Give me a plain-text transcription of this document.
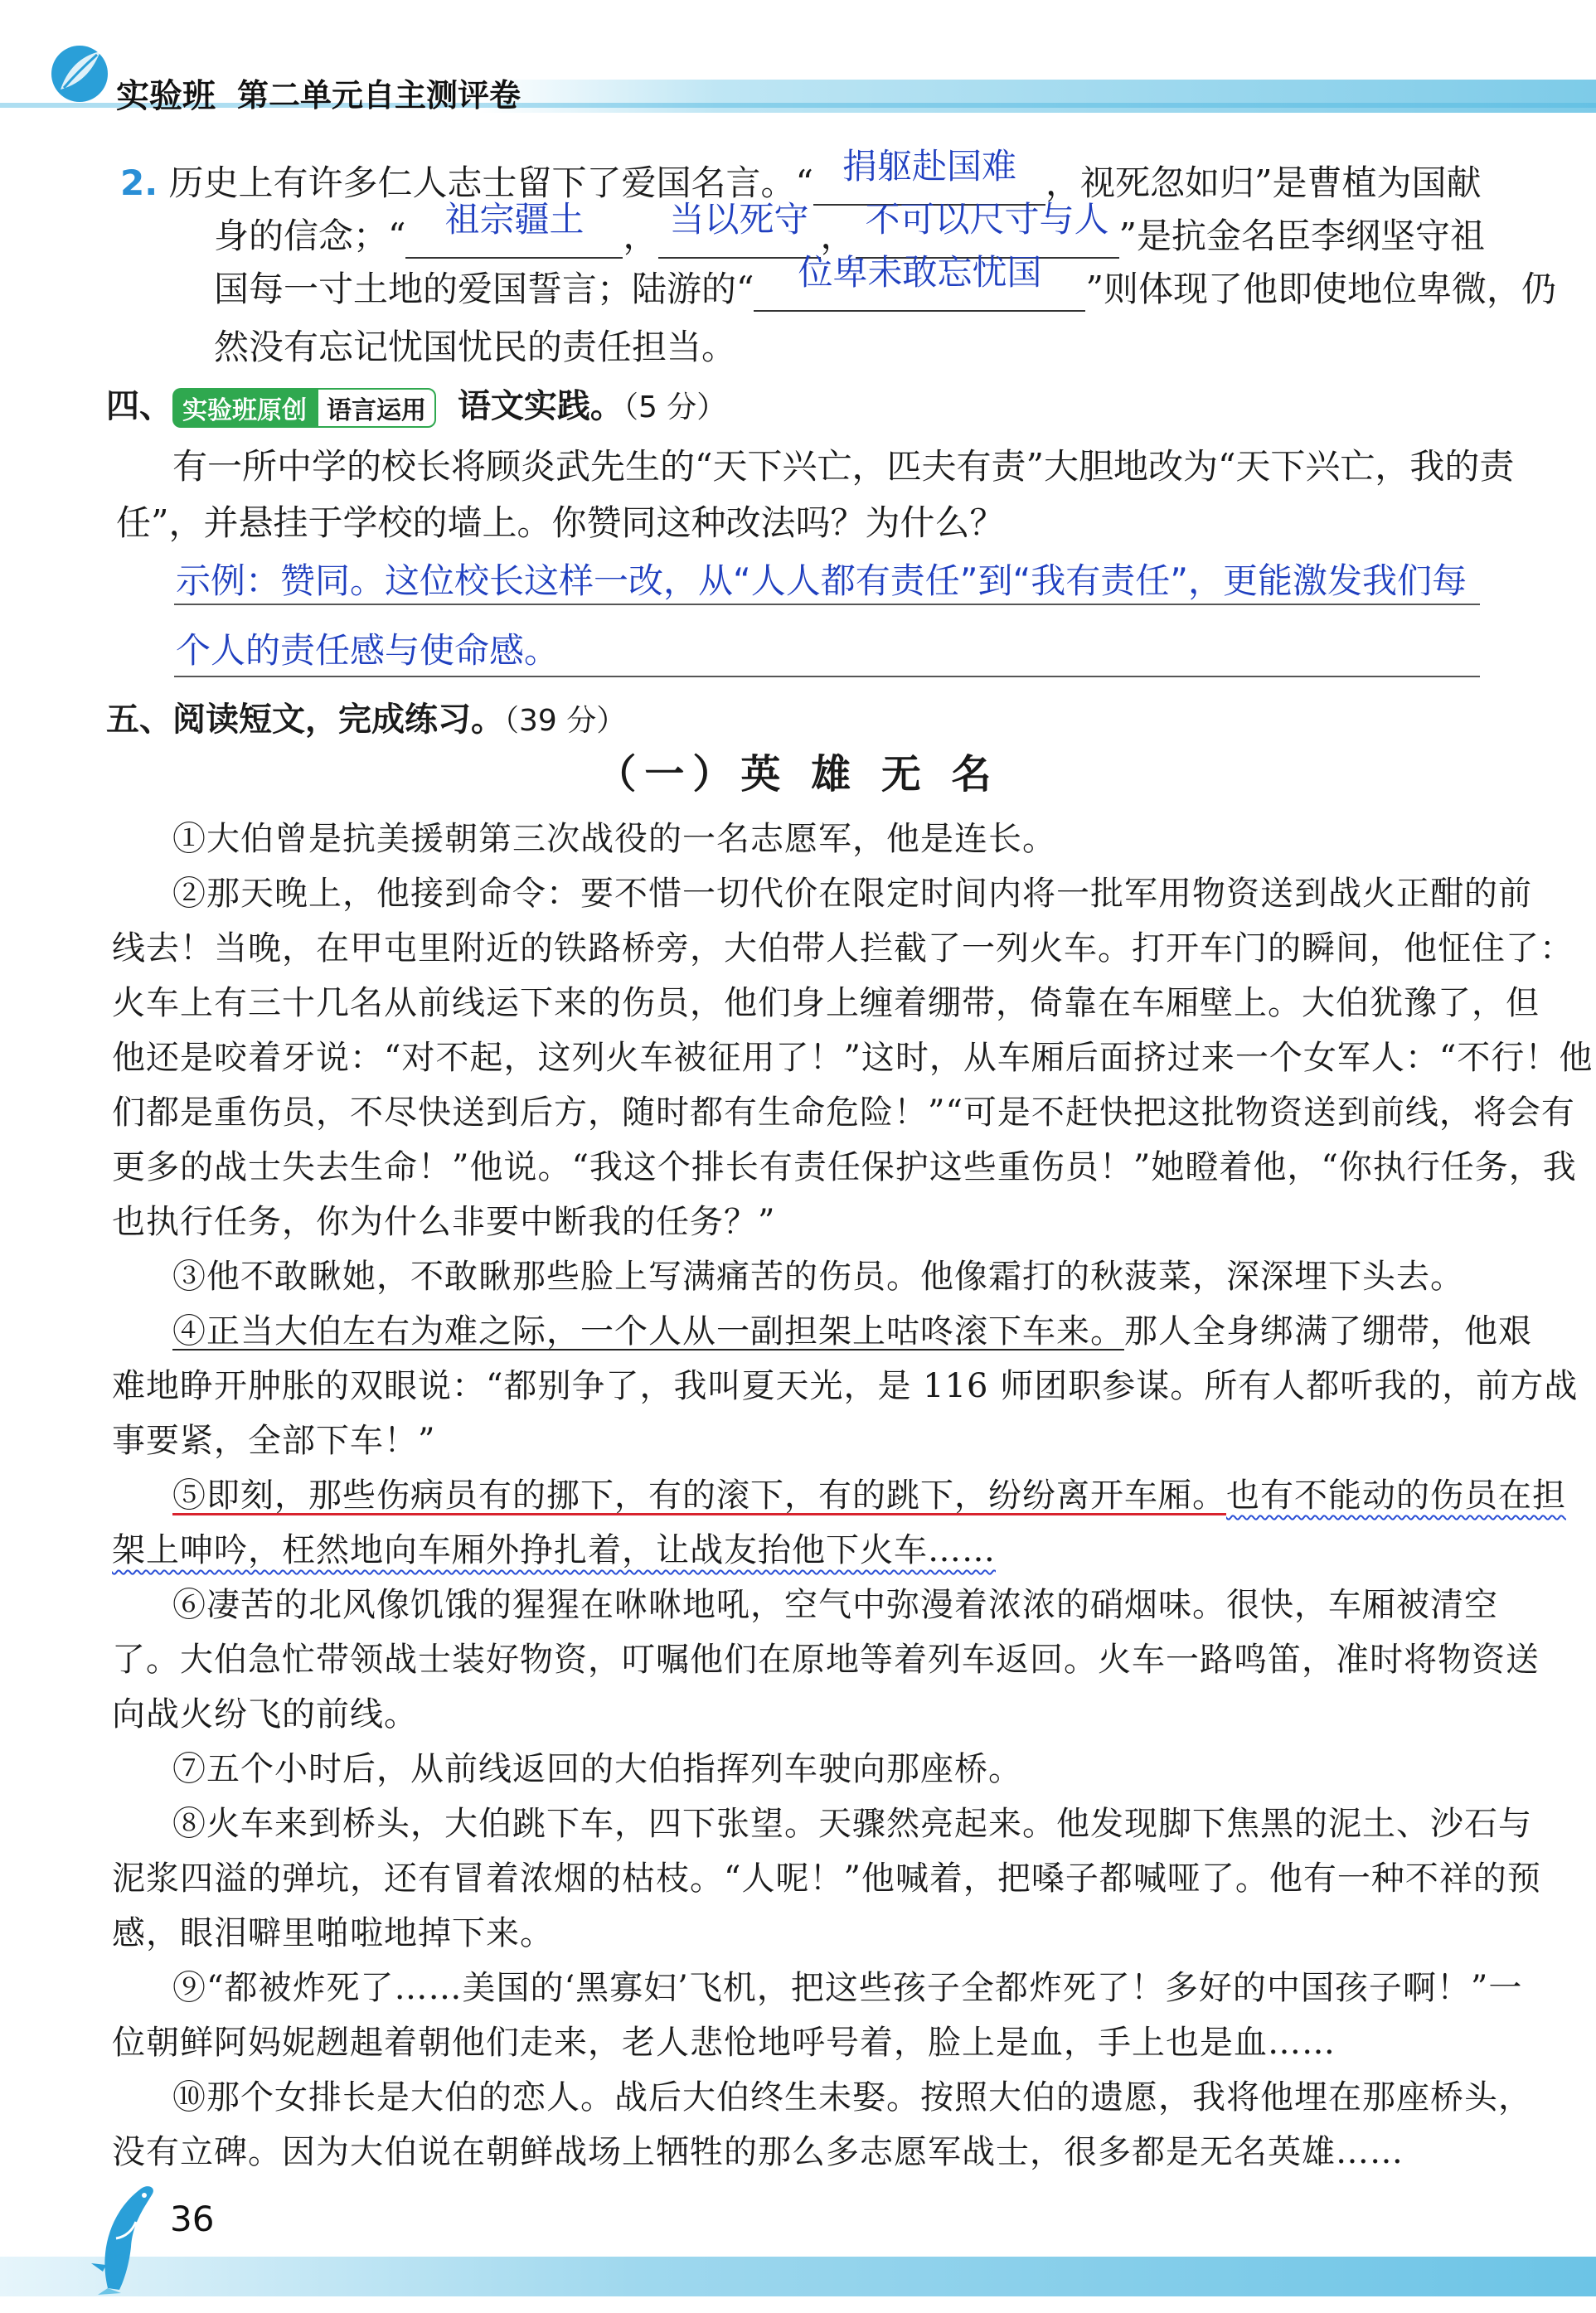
实验班 第二单元自主测评卷
2. 历史上有许多仁人志士留下了爱国名言。“ 捐躯赴国难 ，视死忽如归”是曹植为国献
身的信念；“	祖宗疆土	， 当以死守 ， 不可以尺寸与人 ”是抗金名臣李纲坚守祖
国每一寸土地的爱国誓言；陆游的“	位卑未敢忘忧国	”则体现了他即使地位卑微，仍
然没有忘记忧国忧民的责任担当。
四、 实验班原创 语言运用 语文实践。（5 分）
有一所中学的校长将顾炎武先生的“天下兴亡，匹夫有责”大胆地改为“天下兴亡，我的责
任”，并悬挂于学校的墙上。你赞同这种改法吗？为什么？
示例：赞同。这位校长这样一改，从“人人都有责任”到“我有责任”，更能激发我们每
个人的责任感与使命感。
五、阅读短文，完成练习。（39 分）
（一）英 雄 无 名
①大伯曾是抗美援朝第三次战役的一名志愿军，他是连长。
②那天晚上，他接到命令：要不惜一切代价在限定时间内将一批军用物资送到战火正酣的前
线去！当晚，在甲屯里附近的铁路桥旁，大伯带人拦截了一列火车。打开车门的瞬间，他怔住了：
火车上有三十几名从前线运下来的伤员，他们身上缠着绷带，倚靠在车厢壁上。大伯犹豫了，但
他还是咬着牙说：“对不起，这列火车被征用了！”这时，从车厢后面挤过来一个女军人：“不行！他
们都是重伤员，不尽快送到后方，随时都有生命危险！”“可是不赶快把这批物资送到前线，将会有
更多的战士失去生命！”他说。“我这个排长有责任保护这些重伤员！”她瞪着他，“你执行任务，我
也执行任务，你为什么非要中断我的任务？”
③他不敢瞅她，不敢瞅那些脸上写满痛苦的伤员。他像霜打的秋菠菜，深深埋下头去。
④正当大伯左右为难之际，一个人从一副担架上咕咚滚下车来。那人全身绑满了绷带，他艰
难地睁开肿胀的双眼说：“都别争了，我叫夏天光，是 116 师团职参谋。所有人都听我的，前方战
事要紧，全部下车！”
⑤即刻，那些伤病员有的挪下，有的滚下，有的跳下，纷纷离开车厢。也有不能动的伤员在担
架上呻吟，枉然地向车厢外挣扎着，让战友抬他下火车……
⑥凄苦的北风像饥饿的猩猩在咻咻地吼，空气中弥漫着浓浓的硝烟味。很快，车厢被清空
了。大伯急忙带领战士装好物资，叮嘱他们在原地等着列车返回。火车一路鸣笛，准时将物资送
向战火纷飞的前线。
⑦五个小时后，从前线返回的大伯指挥列车驶向那座桥。
⑧火车来到桥头，大伯跳下车，四下张望。天骤然亮起来。他发现脚下焦黑的泥土、沙石与
泥浆四溢的弹坑，还有冒着浓烟的枯枝。“人呢！”他喊着，把嗓子都喊哑了。他有一种不祥的预
感，眼泪噼里啪啦地掉下来。
⑨“都被炸死了……美国的‘黑寡妇’飞机，把这些孩子全都炸死了！多好的中国孩子啊！”一
位朝鲜阿妈妮趔趄着朝他们走来，老人悲怆地呼号着，脸上是血，手上也是血……
⑩那个女排长是大伯的恋人。战后大伯终生未娶。按照大伯的遗愿，我将他埋在那座桥头，
没有立碑。因为大伯说在朝鲜战场上牺牲的那么多志愿军战士，很多都是无名英雄……
36
